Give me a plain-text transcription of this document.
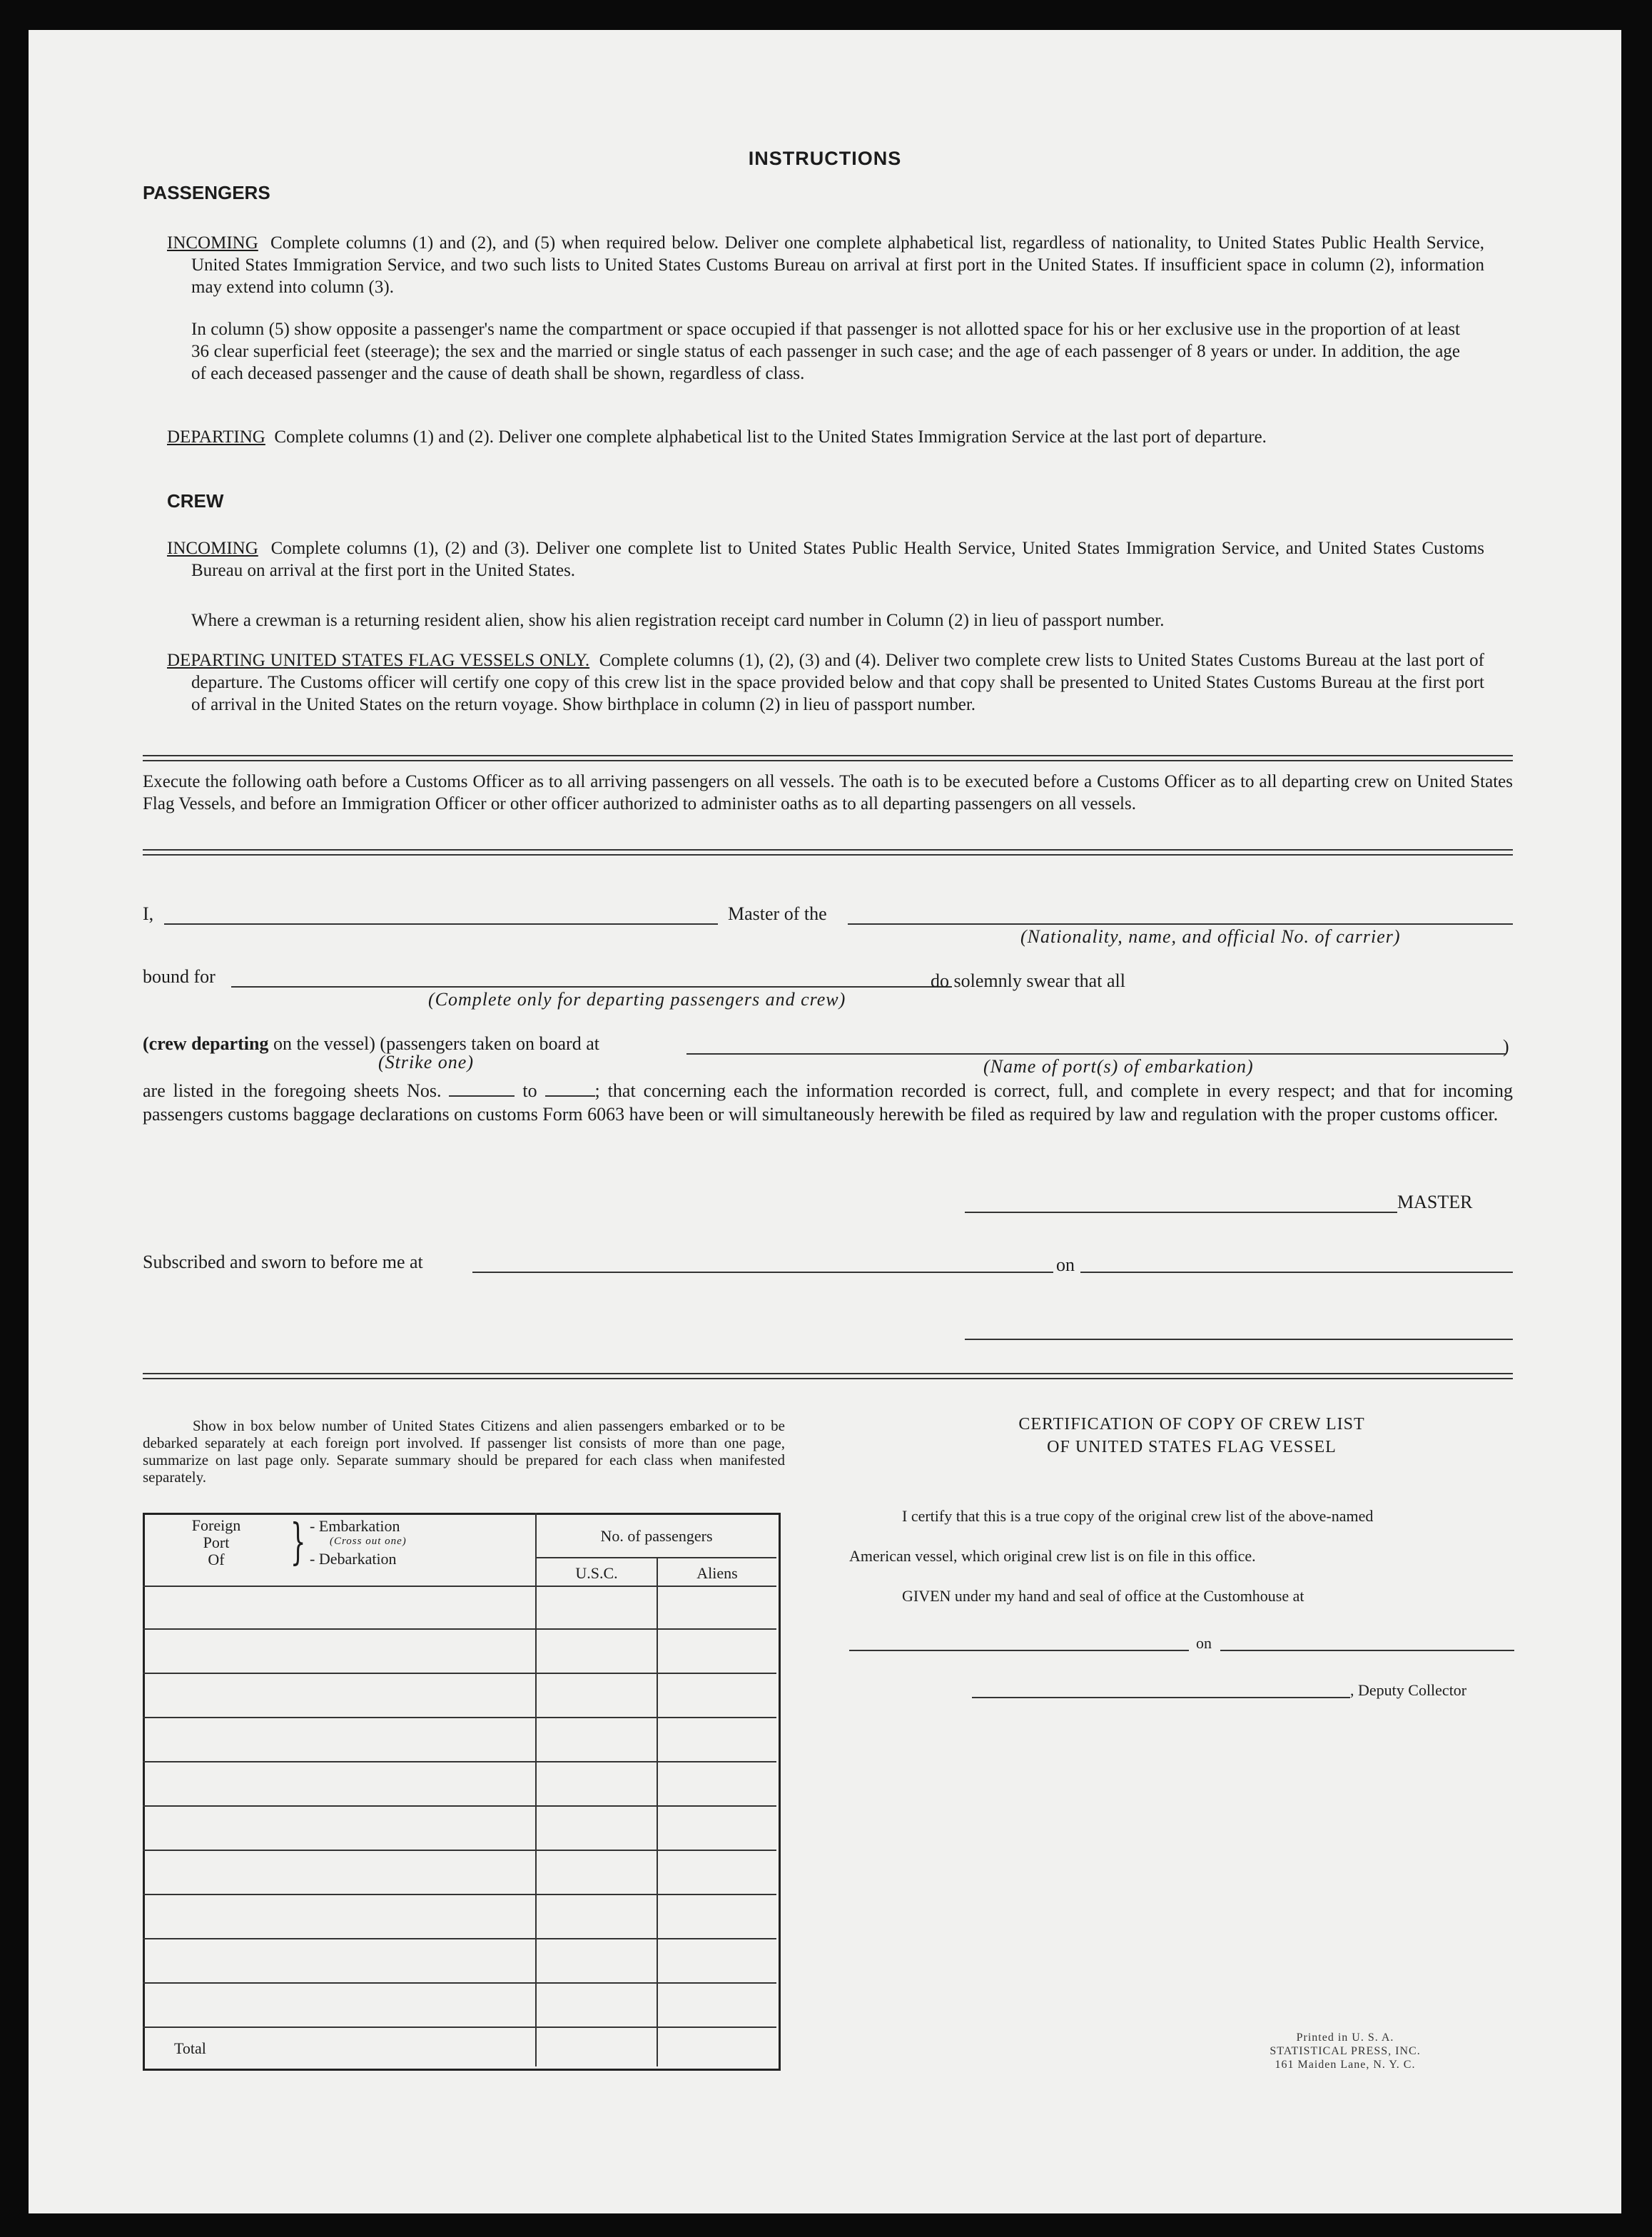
INSTRUCTIONS
PASSENGERS
INCOMING Complete columns (1) and (2), and (5) when required below. Deliver one complete alphabetical list, regardless of nationality, to United States Public Health Service, United States Immigration Service, and two such lists to United States Customs Bureau on arrival at first port in the United States. If insufficient space in column (2), information may extend into column (3).
In column (5) show opposite a passenger's name the compartment or space occupied if that passenger is not allotted space for his or her exclusive use in the proportion of at least 36 clear superficial feet (steerage); the sex and the married or single status of each passenger in such case; and the age of each passenger of 8 years or under. In addition, the age of each deceased passenger and the cause of death shall be shown, regardless of class.
DEPARTING Complete columns (1) and (2). Deliver one complete alphabetical list to the United States Immigration Service at the last port of departure.
CREW
INCOMING Complete columns (1), (2) and (3). Deliver one complete list to United States Public Health Service, United States Immigration Service, and United States Customs Bureau on arrival at the first port in the United States.
Where a crewman is a returning resident alien, show his alien registration receipt card number in Column (2) in lieu of passport number.
DEPARTING UNITED STATES FLAG VESSELS ONLY. Complete columns (1), (2), (3) and (4). Deliver two complete crew lists to United States Customs Bureau at the last port of departure. The Customs officer will certify one copy of this crew list in the space provided below and that copy shall be presented to United States Customs Bureau at the first port of arrival in the United States on the return voyage. Show birthplace in column (2) in lieu of passport number.
Execute the following oath before a Customs Officer as to all arriving passengers on all vessels. The oath is to be executed before a Customs Officer as to all departing crew on United States Flag Vessels, and before an Immigration Officer or other officer authorized to administer oaths as to all departing passengers on all vessels.
I,	Master of the
(Nationality, name, and official No. of carrier)
bound for
(Complete only for departing passengers and crew)
do solemnly swear that all
(crew departing on the vessel) (passengers taken on board at
(Strike one)	(Name of port(s) of embarkation)
)
are listed in the foregoing sheets Nos.	to	; that concerning each the information recorded is correct, full, and complete in every respect; and that for incoming passengers customs baggage declarations on customs Form 6063 have been or will simultaneously herewith be filed as required by law and regulation with the proper customs officer.
MASTER
Subscribed and sworn to before me at	on
Show in box below number of United States Citizens and alien passengers embarked or to be debarked separately at each foreign port involved. If passenger list consists of more than one page, summarize on last page only. Separate summary should be prepared for each class when manifested separately.
Foreign
Port
Of	} - Embarkation
(Cross out one)
- Debarkation
No. of passengers
U.S.C.	Aliens
Total
CERTIFICATION OF COPY OF CREW LIST
OF UNITED STATES FLAG VESSEL
I certify that this is a true copy of the original crew list of the above-named
American vessel, which original crew list is on file in this office.
GIVEN under my hand and seal of office at the Customhouse at
on
, Deputy Collector
Printed in U. S. A.
STATISTICAL PRESS, INC.
161 Maiden Lane, N. Y. C.
